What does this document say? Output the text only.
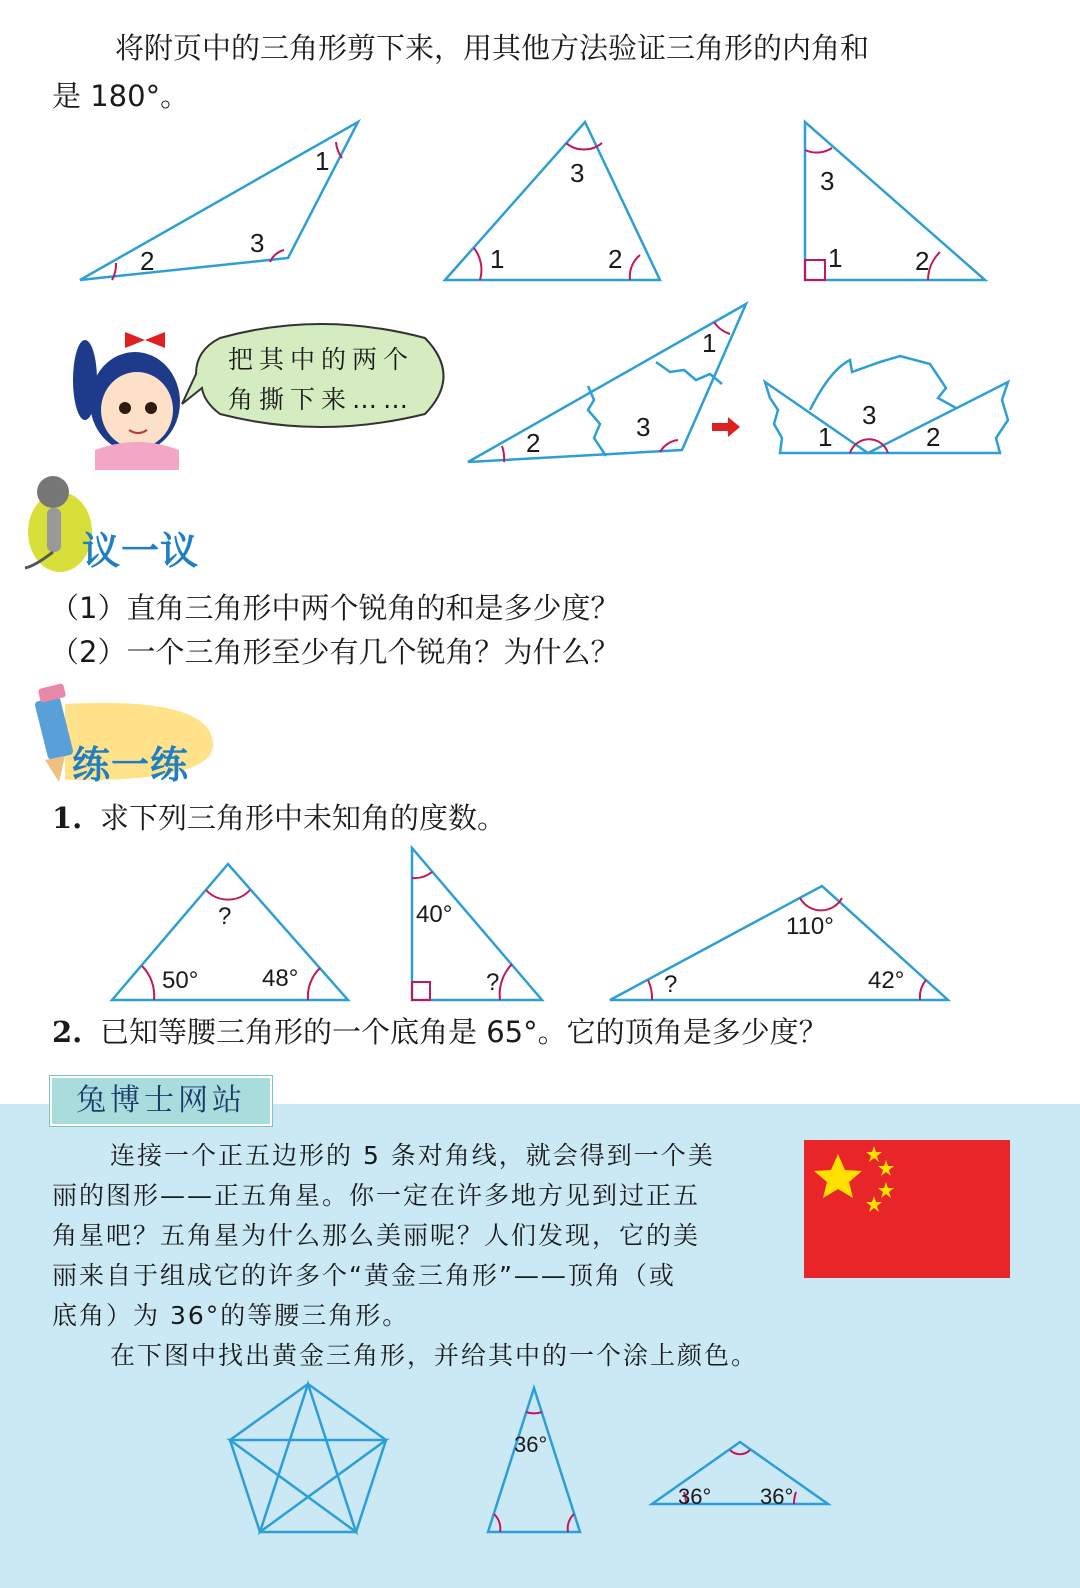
将附页中的三角形剪下来，用其他方法验证三角形的内角和
是 180°。
1
2
3
3
1	2
3
1	2
把其中的两个
角撕下来……
1
2
3	3
1	2
议一议
（1）直角三角形中两个锐角的和是多少度？
（2）一个三角形至少有几个锐角？为什么？
练一练
1. 求下列三角形中未知角的度数。
?
50°	48°
40°
?
110°
?	42°
2. 已知等腰三角形的一个底角是 65°。它的顶角是多少度？
兔博士网站
连接一个正五边形的 5 条对角线，就会得到一个美
丽的图形——正五角星。你一定在许多地方见到过正五
角星吧？五角星为什么那么美丽呢？人们发现，它的美
丽来自于组成它的许多个“黄金三角形”——顶角（或
底角）为 36°的等腰三角形。
在下图中找出黄金三角形，并给其中的一个涂上颜色。
36°
36° 36°
